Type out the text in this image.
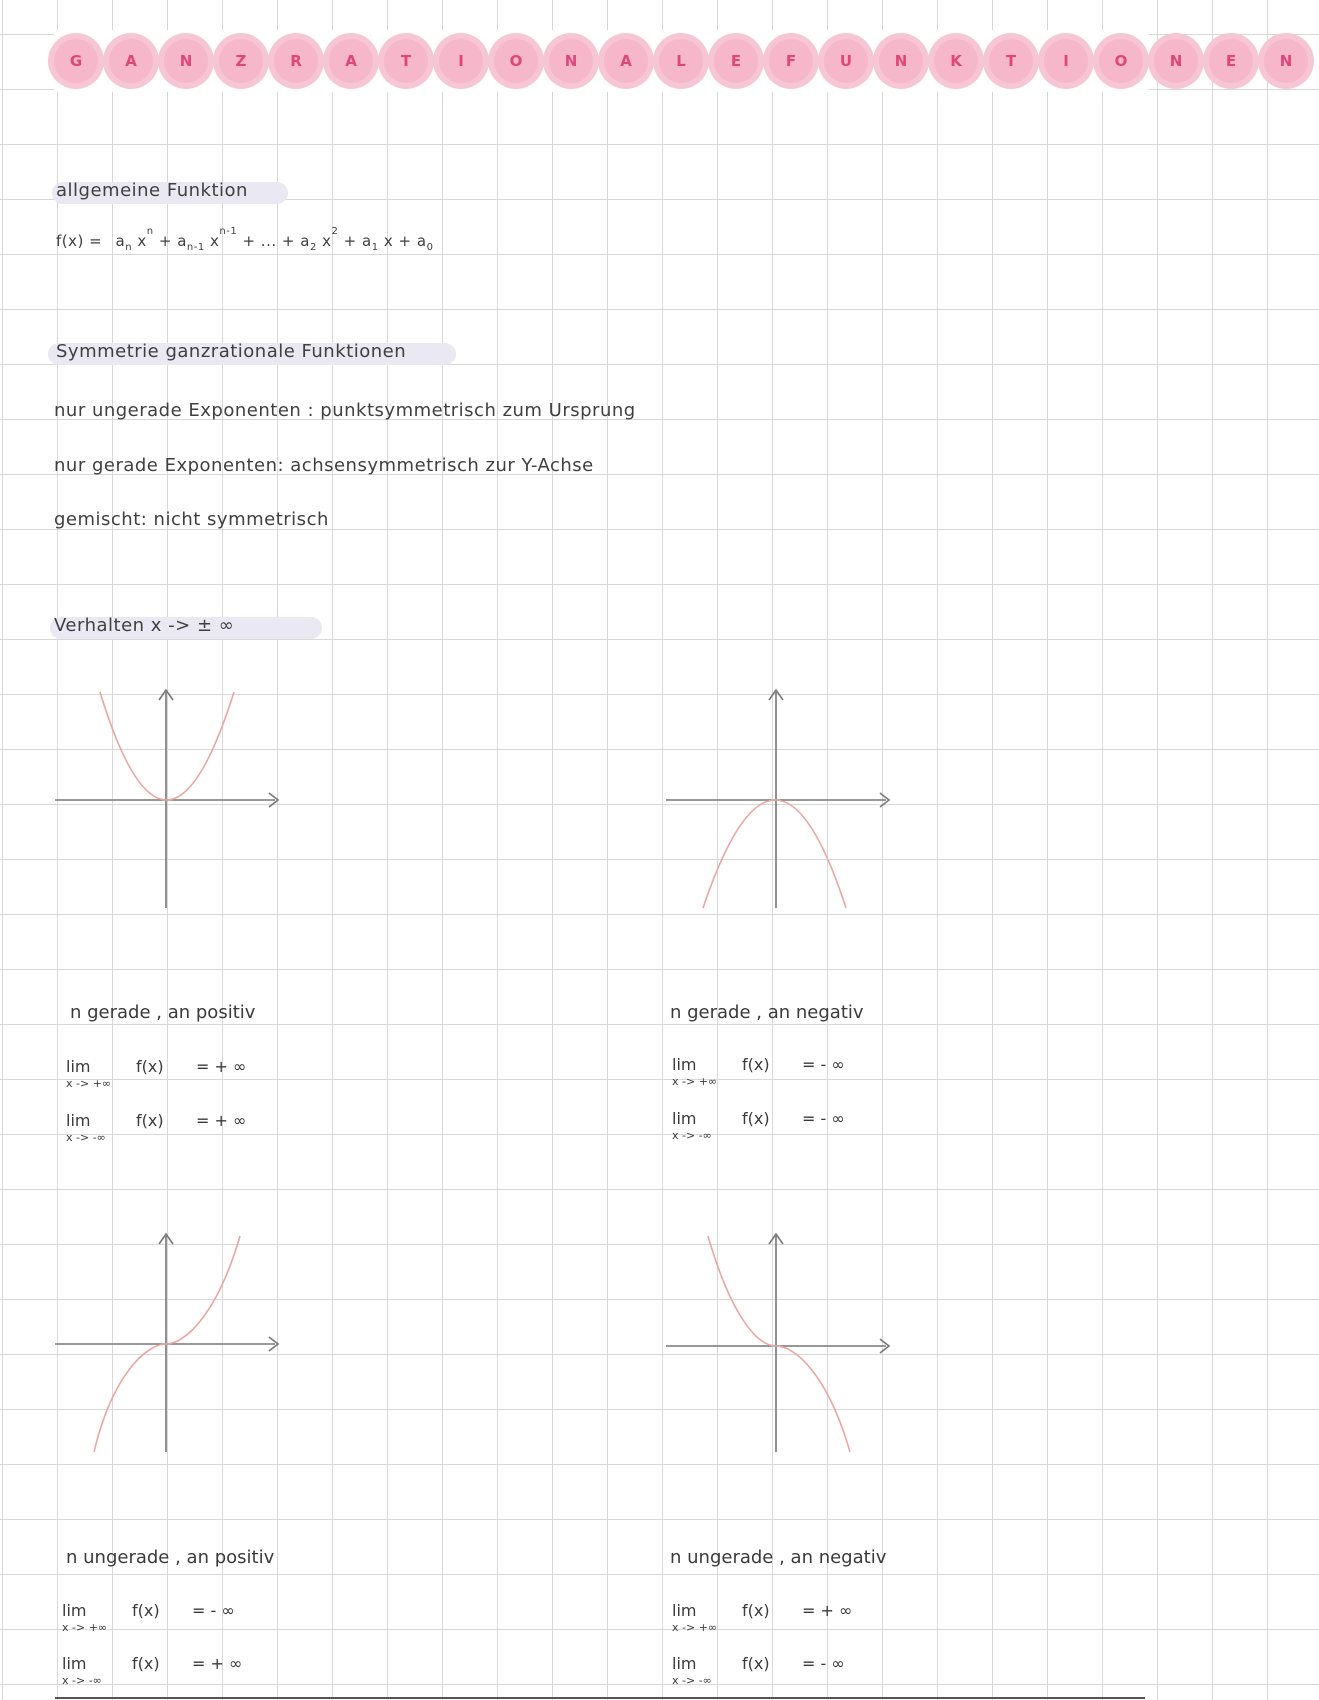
G	A	N	Z	R	A	T	I	O	N	A	L	E	F	U	N	K	T	I	O	N	E	N
allgemeine Funktion
$f(x) = a_n$ $x^n + a_{n-1}$ $x^{n-1}$ + ... + $a_2$ $x^2 + a_1$ $x + a_0$
Symmetrie ganzrationale Funktionen
nur ungerade Exponenten : punktsymmetrisch zum Ursprung
nur gerade Exponenten: achsensymmetrisch zur Y-Achse
gemischt: nicht symmetrisch
Verhalten x -> ± ∞
n gerade , an positiv
lim
x -> +∞
f(x) = + ∞
lim
x -> -∞
f(x) = + ∞
n gerade , an negativ
lim
x -> +∞
f(x) = - ∞
lim
x -> -∞
f(x) = - ∞
n ungerade , an positiv
lim
x -> +∞
f(x) = - ∞
lim
x -> -∞
f(x) = + ∞
n ungerade , an negativ
lim
x -> +∞
f(x) = + ∞
lim
x -> -∞
f(x) = - ∞
